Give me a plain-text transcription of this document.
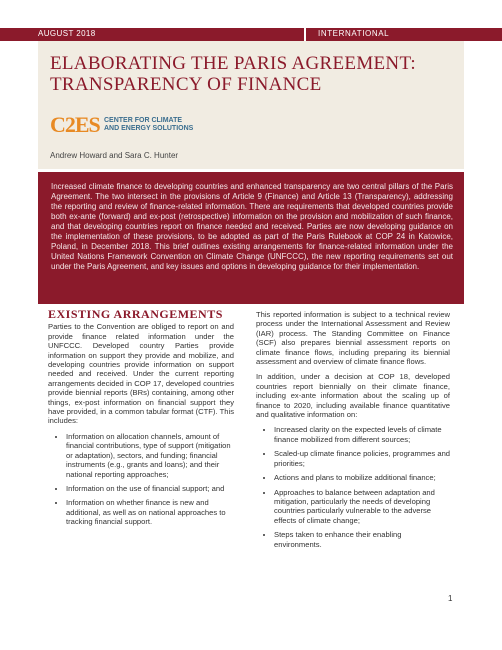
AUGUST 2018	INTERNATIONAL
ELABORATING THE PARIS AGREEMENT:
TRANSPARENCY OF FINANCE
C2ES CENTER FOR CLIMATE
AND ENERGY SOLUTIONS
Andrew Howard and Sara C. Hunter

Increased climate finance to developing countries and enhanced transparency are two central pillars of the Paris Agreement. The two intersect in the provisions of Article 9 (Finance) and Article 13 (Transparency), addressing the reporting and review of finance-related information. There are requirements that developed countries provide both ex-ante (forward) and ex-post (retrospective) information on the provision and mobilization of such finance, and that developing countries report on finance needed and received. Parties are now developing guidance on the implementation of these provisions, to be adopted as part of the Paris Rulebook at COP 24 in Katowice, Poland, in December 2018. This brief outlines existing arrangements for finance-related information under the United Nations Framework Convention on Climate Change (UNFCCC), the new reporting requirements set out under the Paris Agreement, and key issues and options in developing guidance for their implementation.

EXISTING ARRANGEMENTS

Parties to the Convention are obliged to report on and provide finance related information under the UNFCCC. Developed country Parties provide information on support they provide and mobilize, and developing countries provide information on support needed and received. Under the current reporting arrangements decided in COP 17, developed countries provide biennial reports (BRs) containing, among other things, ex-post information on financial support they have provided, in a common tabular format (CTF). This includes:

• Information on allocation channels, amount of financial contributions, type of support (mitigation or adaptation), sectors, and funding; financial instruments (e.g., grants and loans); and their national reporting approaches;
• Information on the use of financial support; and
• Information on whether finance is new and additional, as well as on national approaches to tracking financial support.

This reported information is subject to a technical review process under the International Assessment and Review (IAR) process. The Standing Committee on Finance (SCF) also prepares biennial assessment reports on climate finance flows, including preparing its biennial assessment and overview of climate finance flows.

In addition, under a decision at COP 18, developed countries report biennially on their climate finance, including ex-ante information about the scaling up of finance to 2020, including available finance quantitative and qualitative information on:

• Increased clarity on the expected levels of climate finance mobilized from different sources;
• Scaled-up climate finance policies, programmes and priorities;
• Actions and plans to mobilize additional finance;
• Approaches to balance between adaptation and mitigation, particularly the needs of developing countries particularly vulnerable to the adverse effects of climate change;
• Steps taken to enhance their enabling environments.
1
